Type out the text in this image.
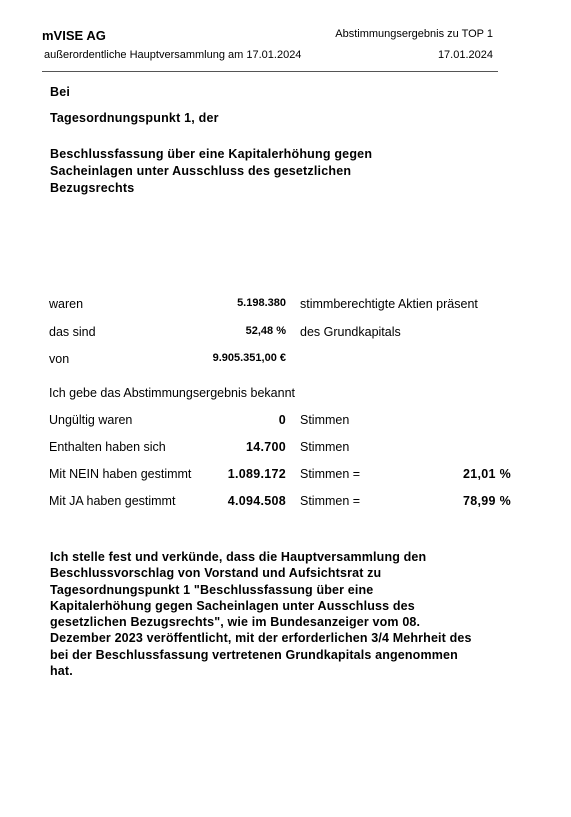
mVISE AG
außerordentliche Hauptversammlung am 17.01.2024
Abstimmungsergebnis zu TOP 1
17.01.2024
Bei
Tagesordnungspunkt 1, der
Beschlussfassung über eine Kapitalerhöhung gegen
Sacheinlagen unter Ausschluss des gesetzlichen
Bezugsrechts
waren	5.198.380 stimmberechtigte Aktien präsent
das sind	52,48 % des Grundkapitals
von	9.905.351,00 €
Ich gebe das Abstimmungsergebnis bekannt
Ungültig waren	0 Stimmen
Enthalten haben sich	14.700 Stimmen
Mit NEIN haben gestimmt	1.089.172 Stimmen =	21,01 %
Mit JA haben gestimmt	4.094.508 Stimmen =	78,99 %
Ich stelle fest und verkünde, dass die Hauptversammlung den
Beschlussvorschlag von Vorstand und Aufsichtsrat zu
Tagesordnungspunkt 1 "Beschlussfassung über eine
Kapitalerhöhung gegen Sacheinlagen unter Ausschluss des
gesetzlichen Bezugsrechts", wie im Bundesanzeiger vom 08.
Dezember 2023 veröffentlicht, mit der erforderlichen 3/4 Mehrheit des
bei der Beschlussfassung vertretenen Grundkapitals angenommen
hat.
